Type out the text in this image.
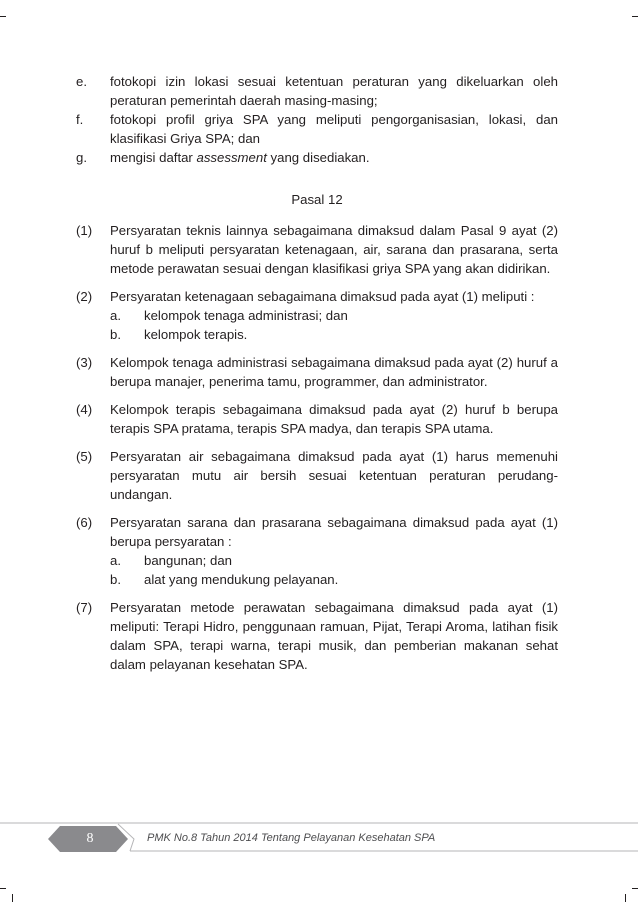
e.	fotokopi izin lokasi sesuai ketentuan peraturan yang dikeluarkan oleh peraturan pemerintah daerah masing-masing;
f.	fotokopi profil griya SPA yang meliputi pengorganisasian, lokasi, dan klasifikasi Griya SPA; dan
g.	mengisi daftar assessment yang disediakan.
Pasal 12
(1)	Persyaratan teknis lainnya sebagaimana dimaksud dalam Pasal 9 ayat (2) huruf b meliputi persyaratan ketenagaan, air, sarana dan prasarana, serta metode perawatan sesuai dengan klasifikasi griya SPA yang akan didirikan.
(2)	Persyaratan ketenagaan sebagaimana dimaksud pada ayat (1) meliputi :
a.	kelompok tenaga administrasi; dan
b.	kelompok terapis.
(3)	Kelompok tenaga administrasi sebagaimana dimaksud pada ayat (2) huruf a berupa manajer, penerima tamu, programmer, dan administrator.
(4)	Kelompok terapis sebagaimana dimaksud pada ayat (2) huruf b berupa terapis SPA pratama, terapis SPA madya, dan terapis SPA utama.
(5)	Persyaratan air sebagaimana dimaksud pada ayat (1) harus memenuhi persyaratan mutu air bersih sesuai ketentuan peraturan perudang-undangan.
(6)	Persyaratan sarana dan prasarana sebagaimana dimaksud pada ayat (1) berupa persyaratan :
a.	bangunan; dan
b.	alat yang mendukung pelayanan.
(7)	Persyaratan metode perawatan sebagaimana dimaksud pada ayat (1) meliputi: Terapi Hidro, penggunaan ramuan, Pijat, Terapi Aroma, latihan fisik dalam SPA, terapi warna, terapi musik, dan pemberian makanan sehat dalam pelayanan kesehatan SPA.
8	PMK No.8 Tahun 2014 Tentang Pelayanan Kesehatan SPA
